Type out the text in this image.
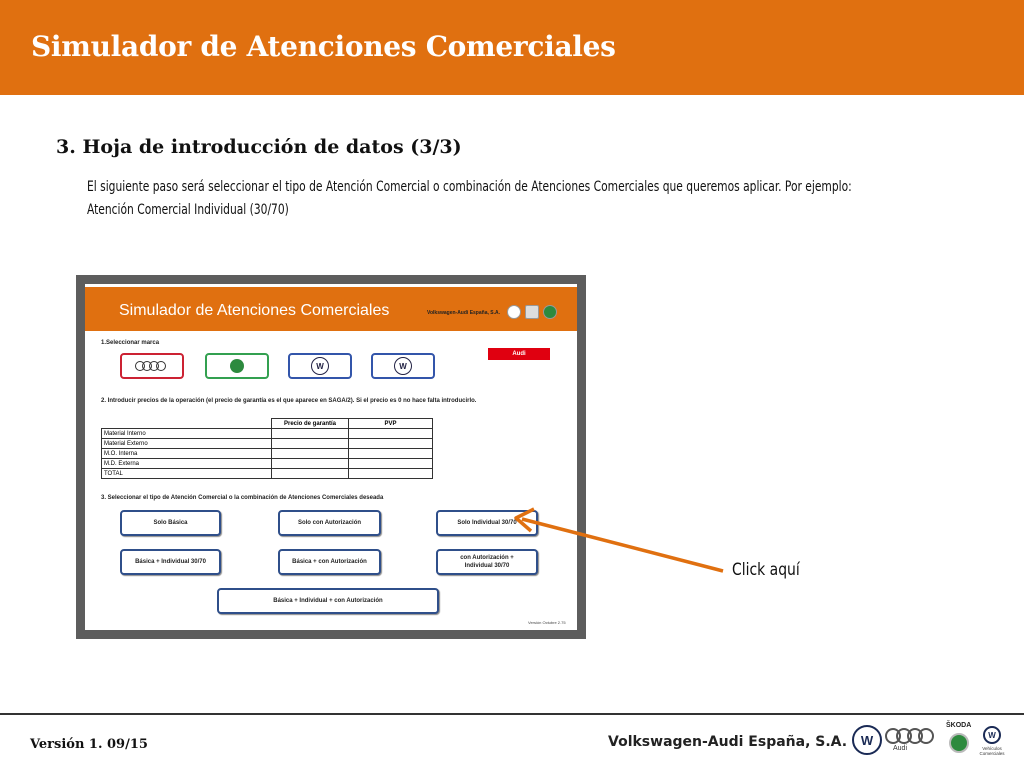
Simulador de Atenciones Comerciales
3. Hoja de introducción de datos (3/3)
El siguiente paso será seleccionar el tipo de Atención Comercial o combinación de Atenciones Comerciales que queremos aplicar. Por ejemplo:
Atención Comercial Individual (30/70)
Simulador de Atenciones Comerciales	Volkswagen-Audi España, S.A.
1.Seleccionar marca
Audi
W	W
2. Introducir precios de la operación (el precio de garantía es el que aparece en SAGA/2). Si el precio es 0 no hace falta introducirlo.
	Precio de garantía	PVP
Material Interno		
Material Externo		
M.O. Interna		
M.D. Externa		
TOTAL		
3. Seleccionar el tipo de Atención Comercial o la combinación de Atenciones Comerciales deseada
Solo Básica	Solo con Autorización	Solo Individual 30/70
Básica + Individual 30/70	Básica + con Autorización
con Autorización +
Individual 30/70
Básica + Individual + con Autorización
Versión Octubre 2.75
Click aquí
Versión 1. 09/15	Volkswagen-Audi España, S.A.	W
Audi
ŠKODA
W
Vehículos
Comerciales
